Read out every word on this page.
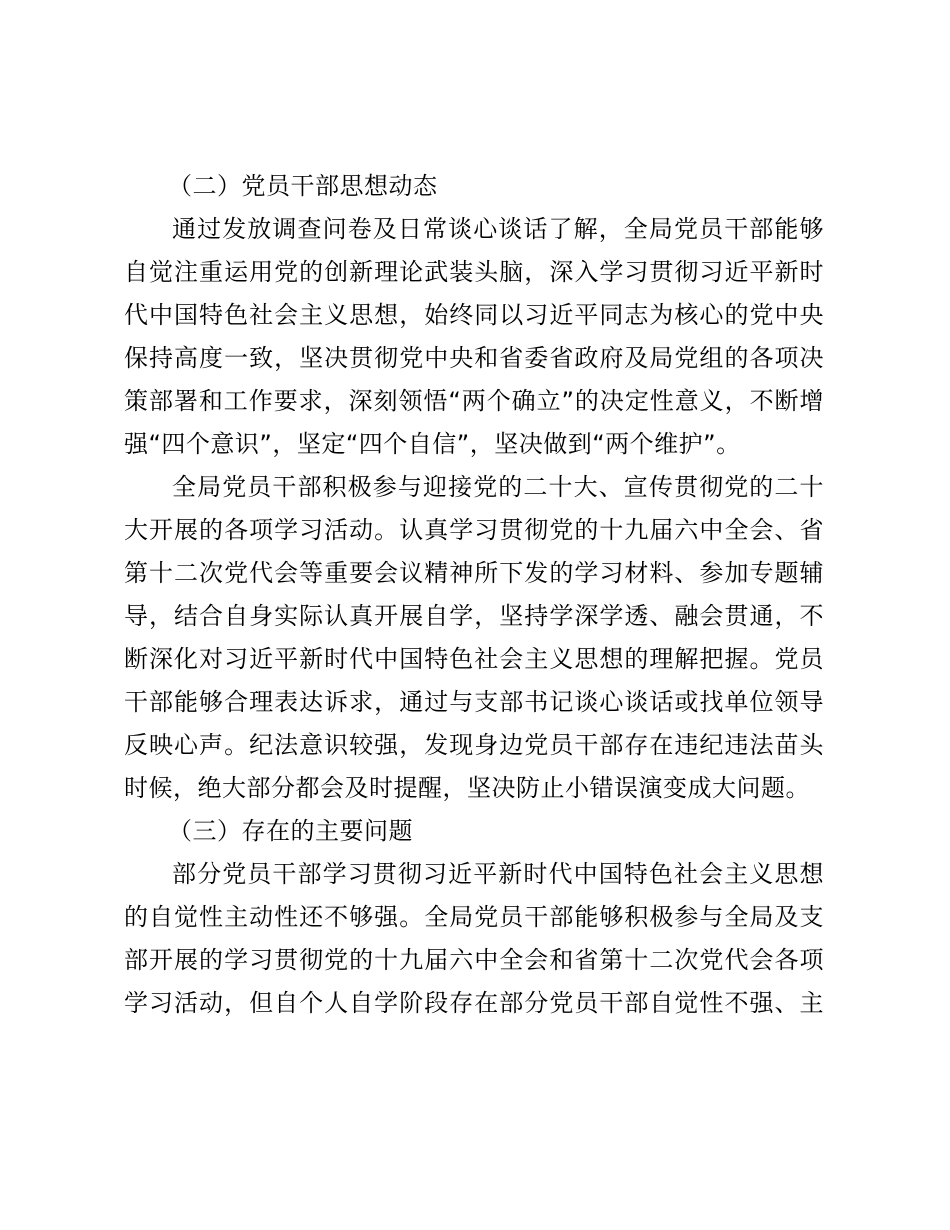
（二）党员干部思想动态
通过发放调查问卷及日常谈心谈话了解，全局党员干部能够
自觉注重运用党的创新理论武装头脑，深入学习贯彻习近平新时
代中国特色社会主义思想，始终同以习近平同志为核心的党中央
保持高度一致，坚决贯彻党中央和省委省政府及局党组的各项决
策部署和工作要求，深刻领悟“两个确立”的决定性意义，不断增
强“四个意识”，坚定“四个自信”，坚决做到“两个维护”。
全局党员干部积极参与迎接党的二十大、宣传贯彻党的二十
大开展的各项学习活动。认真学习贯彻党的十九届六中全会、省
第十二次党代会等重要会议精神所下发的学习材料、参加专题辅
导，结合自身实际认真开展自学，坚持学深学透、融会贯通，不
断深化对习近平新时代中国特色社会主义思想的理解把握。党员
干部能够合理表达诉求，通过与支部书记谈心谈话或找单位领导
反映心声。纪法意识较强，发现身边党员干部存在违纪违法苗头
时候，绝大部分都会及时提醒，坚决防止小错误演变成大问题。
（三）存在的主要问题
部分党员干部学习贯彻习近平新时代中国特色社会主义思想
的自觉性主动性还不够强。全局党员干部能够积极参与全局及支
部开展的学习贯彻党的十九届六中全会和省第十二次党代会各项
学习活动，但自个人自学阶段存在部分党员干部自觉性不强、主
